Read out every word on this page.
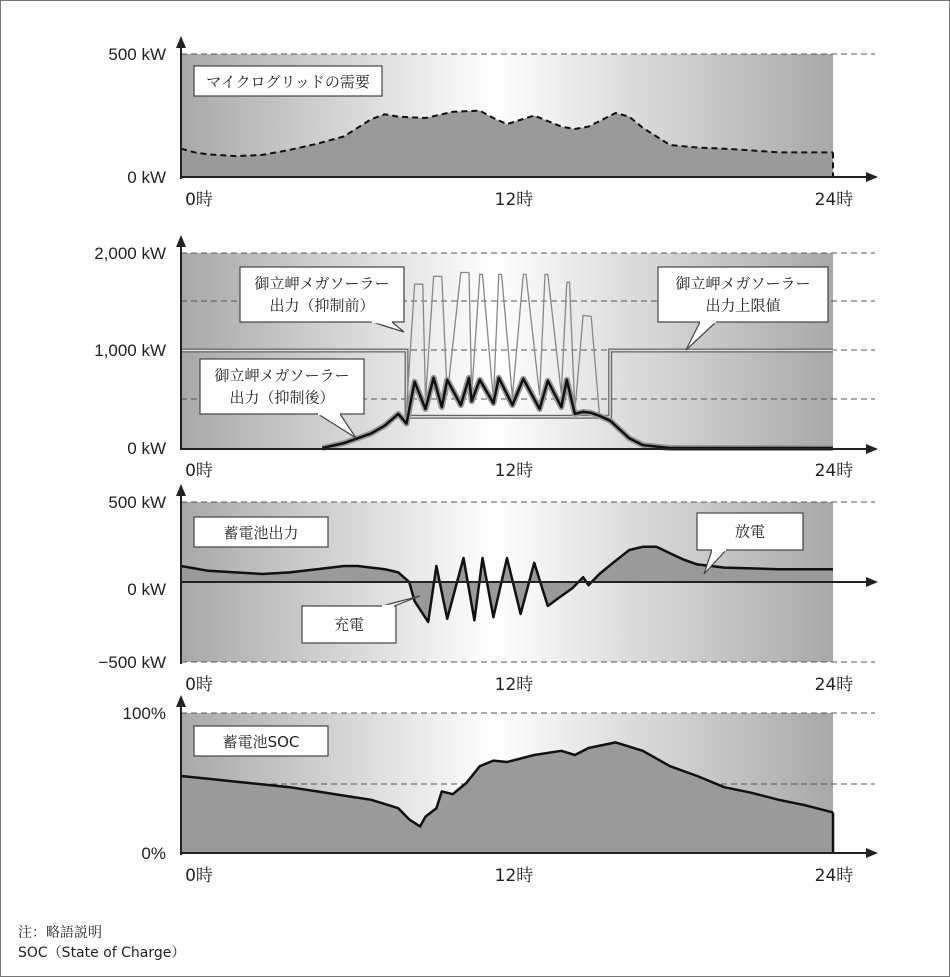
500 kW
0 kW
0時	12時	24時
マイクログリッドの需要
2,000 kW
1,000 kW
0 kW
0時	12時	24時
御立岬メガソーラー
出力（抑制前）
御立岬メガソーラー
出力上限値
御立岬メガソーラー
出力（抑制後）
500 kW
0 kW
−500 kW
0時	12時	24時
蓄電池出力
充電
放電
100%
0%
0時	12時	24時
蓄電池SOC
注：略語説明
SOC（State of Charge）
